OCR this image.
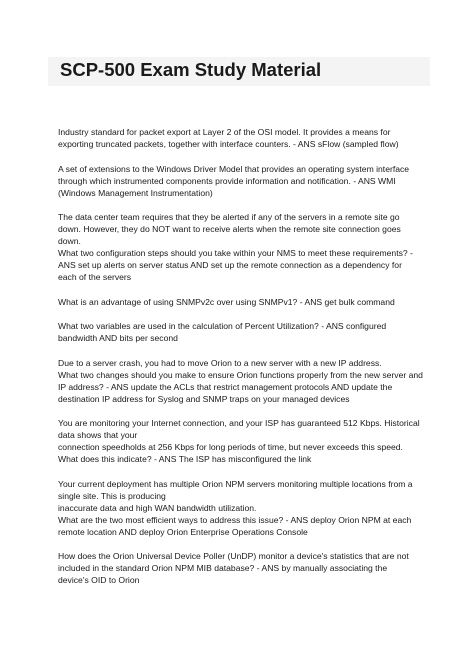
SCP-500 Exam Study Material
Industry standard for packet export at Layer 2 of the OSI model. It provides a means for
exporting truncated packets, together with interface counters. - ANS sFlow (sampled flow)
A set of extensions to the Windows Driver Model that provides an operating system interface
through which instrumented components provide information and notification. - ANS WMI
(Windows Management Instrumentation)
The data center team requires that they be alerted if any of the servers in a remote site go
down. However, they do NOT want to receive alerts when the remote site connection goes
down.
What two configuration steps should you take within your NMS to meet these requirements? -
ANS set up alerts on server status AND set up the remote connection as a dependency for
each of the servers
What is an advantage of using SNMPv2c over using SNMPv1? - ANS get bulk command
What two variables are used in the calculation of Percent Utilization? - ANS configured
bandwidth AND bits per second
Due to a server crash, you had to move Orion to a new server with a new IP address.
What two changes should you make to ensure Orion functions properly from the new server and
IP address? - ANS update the ACLs that restrict management protocols AND update the
destination IP address for Syslog and SNMP traps on your managed devices
You are monitoring your Internet connection, and your ISP has guaranteed 512 Kbps. Historical
data shows that your
connection speedholds at 256 Kbps for long periods of time, but never exceeds this speed.
What does this indicate? - ANS The ISP has misconfigured the link
Your current deployment has multiple Orion NPM servers monitoring multiple locations from a
single site. This is producing
inaccurate data and high WAN bandwidth utilization.
What are the two most efficient ways to address this issue? - ANS deploy Orion NPM at each
remote location AND deploy Orion Enterprise Operations Console
How does the Orion Universal Device Poller (UnDP) monitor a device's statistics that are not
included in the standard Orion NPM MIB database? - ANS by manually associating the
device's OID to Orion
